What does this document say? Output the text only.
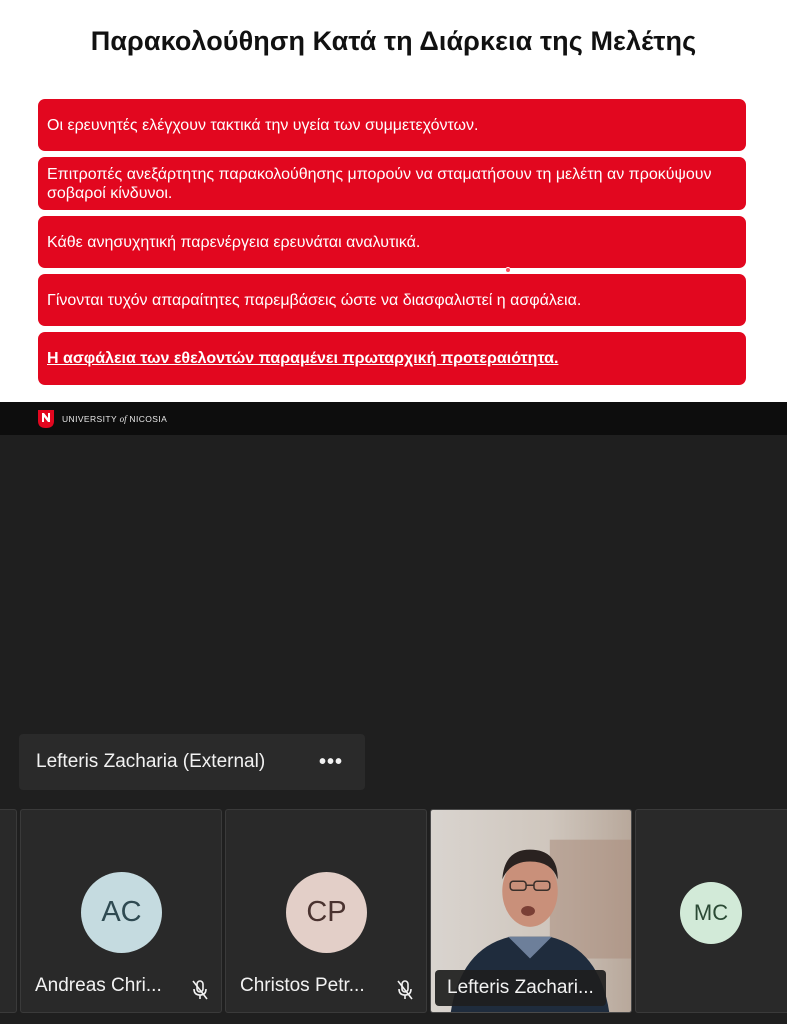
Παρακολούθηση Κατά τη Διάρκεια της Μελέτης
Οι ερευνητές ελέγχουν τακτικά την υγεία των συμμετεχόντων.
Επιτροπές ανεξάρτητης παρακολούθησης μπορούν να σταματήσουν τη μελέτη αν προκύψουν σοβαροί κίνδυνοι.
Κάθε ανησυχητική παρενέργεια ερευνάται αναλυτικά.
Γίνονται τυχόν απαραίτητες παρεμβάσεις ώστε να διασφαλιστεί η ασφάλεια.
Η ασφάλεια των εθελοντών παραμένει πρωταρχική προτεραιότητα.
UNIVERSITY of NICOSIA
Lefteris Zacharia (External)	•••
AC
Andreas Chri...
CP
Christos Petr...	Lefteris Zachari...
MC
